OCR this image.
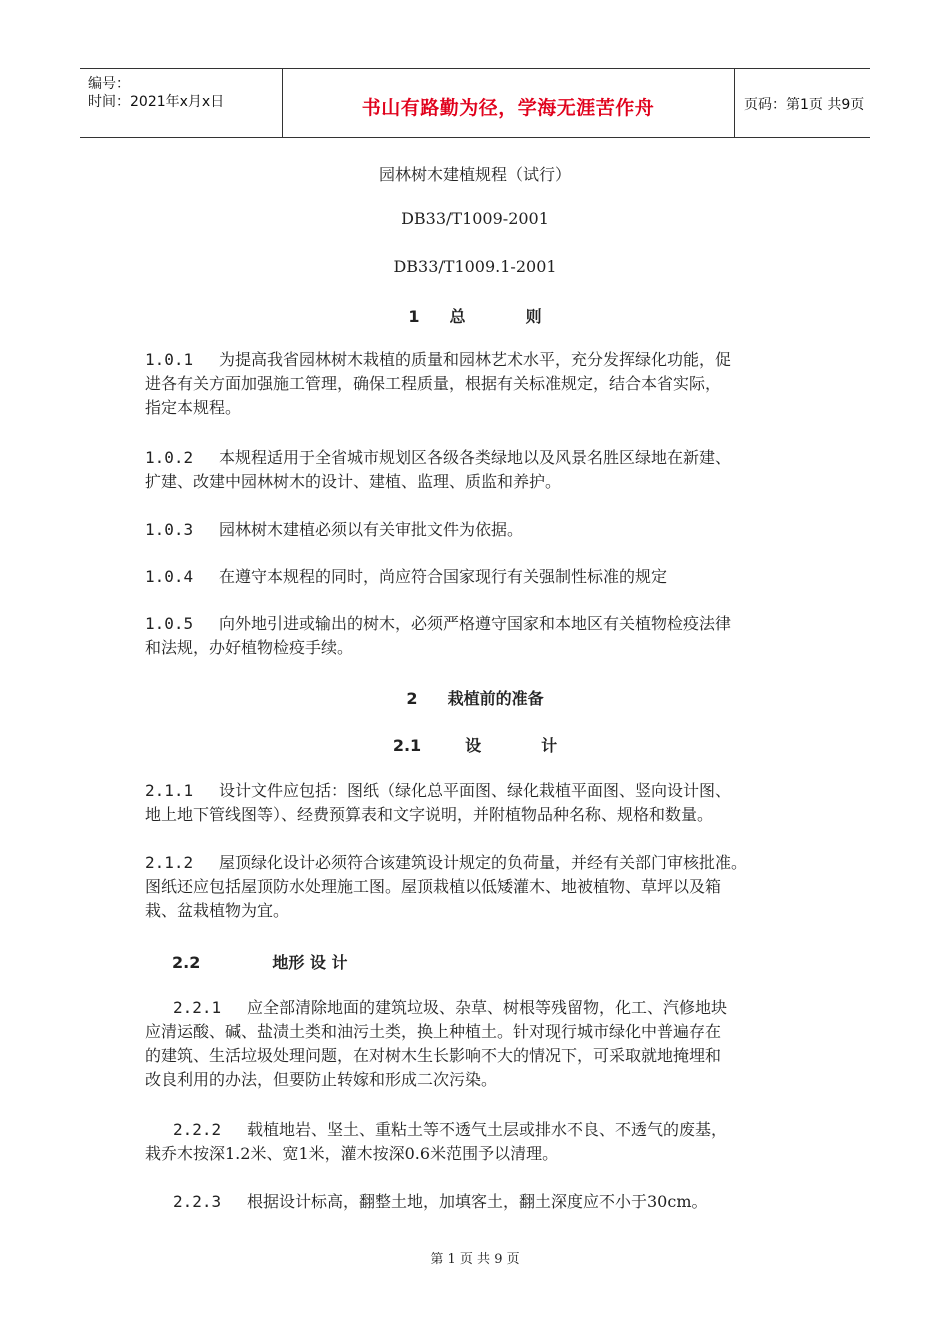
编号：
时间：2021年x月x日	书山有路勤为径，学海无涯苦作舟	页码：第1页 共9页
园林树木建植规程（试行）
DB33/T1009-2001
DB33/T1009.1-2001
1 总	则
1.0.1 为提高我省园林树木栽植的质量和园林艺术水平，充分发挥绿化功能，促
进各有关方面加强施工管理，确保工程质量，根据有关标准规定，结合本省实际，
指定本规程。
1.0.2 本规程适用于全省城市规划区各级各类绿地以及风景名胜区绿地在新建、
扩建、改建中园林树木的设计、建植、监理、质监和养护。
1.0.3 园林树木建植必须以有关审批文件为依据。
1.0.4 在遵守本规程的同时，尚应符合国家现行有关强制性标准的规定
1.0.5 向外地引进或输出的树木，必须严格遵守国家和本地区有关植物检疫法律
和法规，办好植物检疫手续。
2 栽植前的准备
2.1	设	计
2.1.1 设计文件应包括：图纸（绿化总平面图、绿化栽植平面图、竖向设计图、
地上地下管线图等）、经费预算表和文字说明，并附植物品种名称、规格和数量。
2.1.2 屋顶绿化设计必须符合该建筑设计规定的负荷量，并经有关部门审核批准。
图纸还应包括屋顶防水处理施工图。屋顶栽植以低矮灌木、地被植物、草坪以及箱
栽、盆栽植物为宜。
2.2	地形 设 计
2.2.1 应全部清除地面的建筑垃圾、杂草、树根等残留物，化工、汽修地块
应清运酸、碱、盐渍土类和油污土类，换上种植土。针对现行城市绿化中普遍存在
的建筑、生活垃圾处理问题，在对树木生长影响不大的情况下，可采取就地掩埋和
改良利用的办法，但要防止转嫁和形成二次污染。
2.2.2 载植地岩、坚土、重粘土等不透气土层或排水不良、不透气的废基，
栽乔木按深1.2米、宽1米，灌木按深0.6米范围予以清理。
2.2.3 根据设计标高，翻整土地，加填客土，翻土深度应不小于30cm。
第 1 页 共 9 页
